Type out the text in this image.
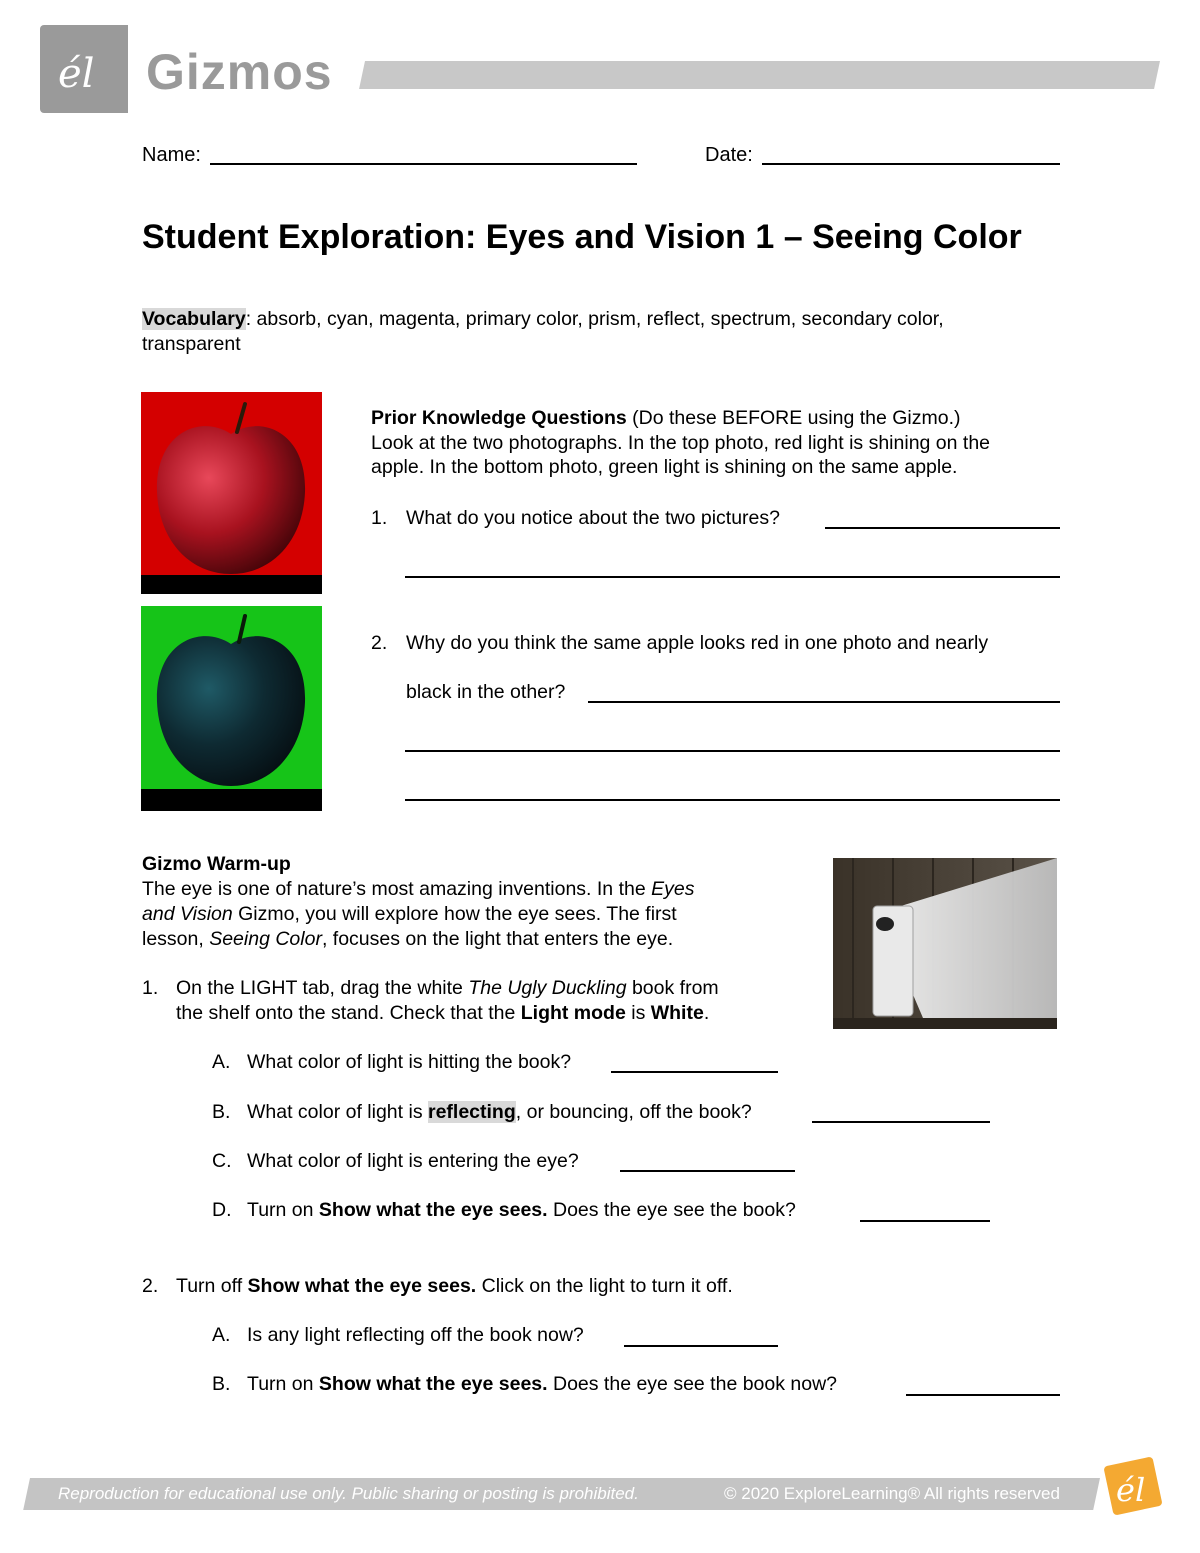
él Gizmos
Name:	Date:
Student Exploration: Eyes and Vision 1 – Seeing Color
Vocabulary: absorb, cyan, magenta, primary color, prism, reflect, spectrum, secondary color,
transparent
Prior Knowledge Questions (Do these BEFORE using the Gizmo.)
Look at the two photographs. In the top photo, red light is shining on the
apple. In the bottom photo, green light is shining on the same apple.
1. What do you notice about the two pictures?
2. Why do you think the same apple looks red in one photo and nearly
black in the other?
Gizmo Warm-up
The eye is one of nature’s most amazing inventions. In the Eyes
and Vision Gizmo, you will explore how the eye sees. The first
lesson, Seeing Color, focuses on the light that enters the eye.
1. On the LIGHT tab, drag the white The Ugly Duckling book from
the shelf onto the stand. Check that the Light mode is White.
A. What color of light is hitting the book?
B. What color of light is reflecting, or bouncing, off the book?
C. What color of light is entering the eye?
D. Turn on Show what the eye sees. Does the eye see the book?
2. Turn off Show what the eye sees. Click on the light to turn it off.
A. Is any light reflecting off the book now?
B. Turn on Show what the eye sees. Does the eye see the book now?
Reproduction for educational use only. Public sharing or posting is prohibited.	© 2020 ExploreLearning® All rights reserved él
